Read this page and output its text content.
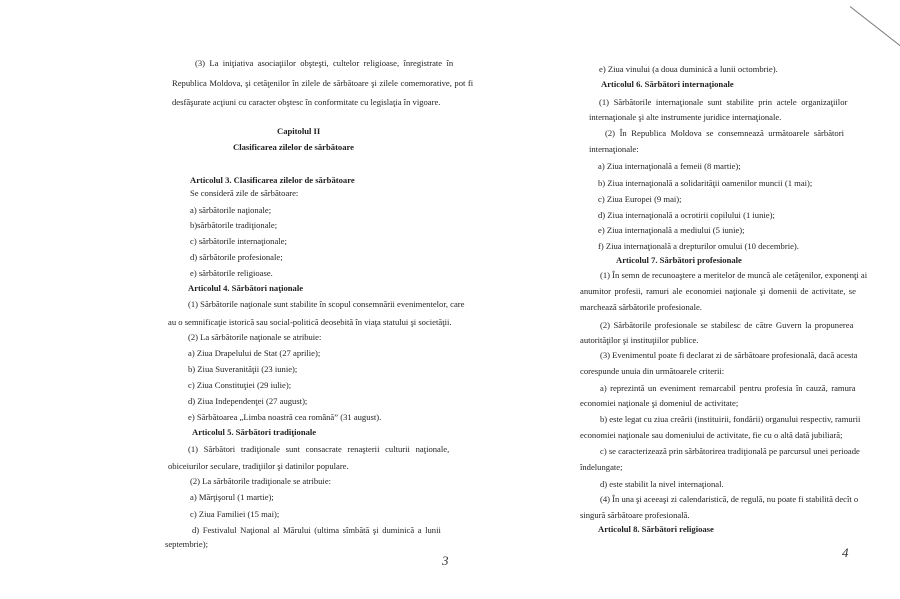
(3) La iniţiativa asociaţiilor obşteşti, cultelor religioase, înregistrate în
Republica Moldova, şi cetăţenilor în zilele de sărbătoare şi zilele comemorative, pot fi
desfăşurate acţiuni cu caracter obştesc în conformitate cu legislaţia în vigoare.
Capitolul II
Clasificarea zilelor de sărbătoare
Articolul 3. Clasificarea zilelor de sărbătoare
Se consideră zile de sărbătoare:
a) sărbătorile naţionale;
b)sărbătorile tradiţionale;
c) sărbătorile internaţionale;
d) sărbătorile profesionale;
e) sărbătorile religioase.
Articolul 4. Sărbători naţionale
(1) Sărbătorile naţionale sunt stabilite în scopul consemnării evenimentelor, care
au o semnificaţie istorică sau social-politică deosebită în viaţa statului şi societăţii.
(2) La sărbătorile naţionale se atribuie:
a) Ziua Drapelului de Stat (27 aprilie);
b) Ziua Suveranităţii (23 iunie);
c) Ziua Constituţiei (29 iulie);
d) Ziua Independenţei (27 august);
e) Sărbătoarea „Limba noastră cea română” (31 august).
Articolul 5. Sărbători tradiţionale
(1) Sărbători tradiţionale sunt consacrate renaşterii culturii naţionale,
obiceiurilor seculare, tradiţiilor şi datinilor populare.
(2) La sărbătorile tradiţionale se atribuie:
a) Mărţişorul (1 martie);
c) Ziua Familiei (15 mai);
d) Festivalul Naţional al Mărului (ultima sîmbătă şi duminică a lunii
septembrie);
3
e) Ziua vinului (a doua duminică a lunii octombrie).
Articolul 6. Sărbători internaţionale
(1) Sărbătorile internaţionale sunt stabilite prin actele organizaţiilor
internaţionale şi alte instrumente juridice internaţionale.
(2) În Republica Moldova se consemnează următoarele sărbători
internaţionale:
a) Ziua internaţională a femeii (8 martie);
b) Ziua internaţională a solidarităţii oamenilor muncii (1 mai);
c) Ziua Europei (9 mai);
d) Ziua internaţională a ocrotirii copilului (1 iunie);
e) Ziua internaţională a mediului (5 iunie);
f) Ziua internaţională a drepturilor omului (10 decembrie).
Articolul 7. Sărbători profesionale
(1) În semn de recunoaştere a meritelor de muncă ale cetăţenilor, exponenţi ai
anumitor profesii, ramuri ale economiei naţionale şi domenii de activitate, se
marchează sărbătorile profesionale.
(2) Sărbătorile profesionale se stabilesc de către Guvern la propunerea
autorităţilor şi instituţiilor publice.
(3) Evenimentul poate fi declarat zi de sărbătoare profesională, dacă acesta
corespunde unuia din următoarele criterii:
a) reprezintă un eveniment remarcabil pentru profesia în cauză, ramura
economiei naţionale şi domeniul de activitate;
b) este legat cu ziua creării (instituirii, fondării) organului respectiv, ramurii
economiei naţionale sau domeniului de activitate, fie cu o altă dată jubiliară;
c) se caracterizează prin sărbătorirea tradiţională pe parcursul unei perioade
îndelungate;
d) este stabilit la nivel internaţional.
(4) În una şi aceeaşi zi calendaristică, de regulă, nu poate fi stabilită decît o
singură sărbătoare profesională.
Articolul 8. Sărbători religioase
4
